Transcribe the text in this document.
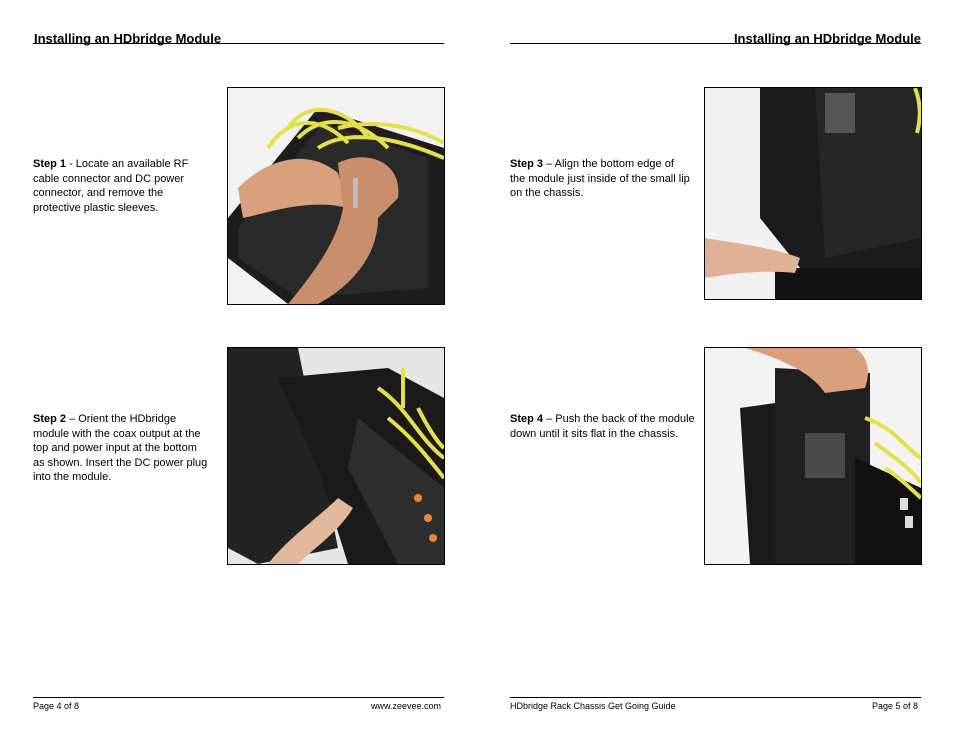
Installing an HDbridge Module
Step 1 - Locate an available RF cable connector and DC power connector, and remove the protective plastic sleeves.
Step 2 – Orient the HDbridge module with the coax output at the top and power input at the bottom as shown. Insert the DC power plug into the module.
Page 4 of 8	www.zeevee.com
Installing an HDbridge Module
Step 3 – Align the bottom edge of the module just inside of the small lip on the chassis.
Step 4 – Push the back of the module down until it sits flat in the chassis.
HDbridge Rack Chassis Get Going Guide	Page 5 of 8
